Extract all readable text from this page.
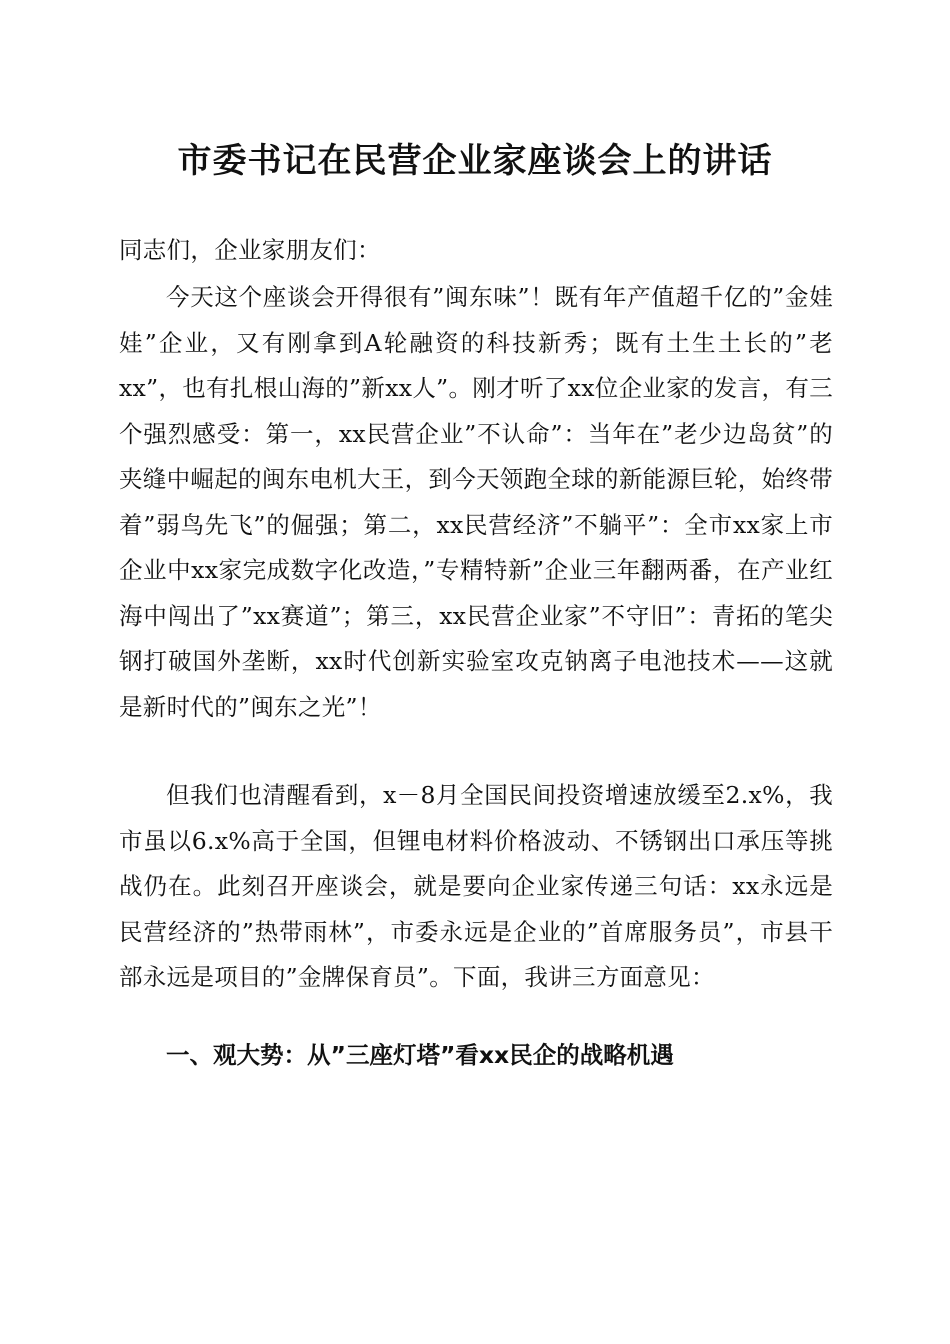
市委书记在民营企业家座谈会上的讲话

同志们，企业家朋友们：

今天这个座谈会开得很有”闽东味”！既有年产值超千亿的”金娃娃”企业，又有刚拿到A轮融资的科技新秀；既有土生土长的”老xx”，也有扎根山海的”新xx人”。刚才听了xx位企业家的发言，有三个强烈感受：第一，xx民营企业”不认命”：当年在”老少边岛贫”的夹缝中崛起的闽东电机大王，到今天领跑全球的新能源巨轮，始终带着”弱鸟先飞”的倔强；第二，xx民营经济”不躺平”：全市xx家上市企业中xx家完成数字化改造，”专精特新”企业三年翻两番，在产业红海中闯出了”xx赛道”；第三，xx民营企业家”不守旧”：青拓的笔尖钢打破国外垄断，xx时代创新实验室攻克钠离子电池技术——这就是新时代的”闽东之光”！

但我们也清醒看到，x－8月全国民间投资增速放缓至2.x%，我市虽以6.x%高于全国，但锂电材料价格波动、不锈钢出口承压等挑战仍在。此刻召开座谈会，就是要向企业家传递三句话：xx永远是民营经济的”热带雨林”，市委永远是企业的”首席服务员”，市县干部永远是项目的”金牌保育员”。下面，我讲三方面意见：

一、观大势：从”三座灯塔”看xx民企的战略机遇
